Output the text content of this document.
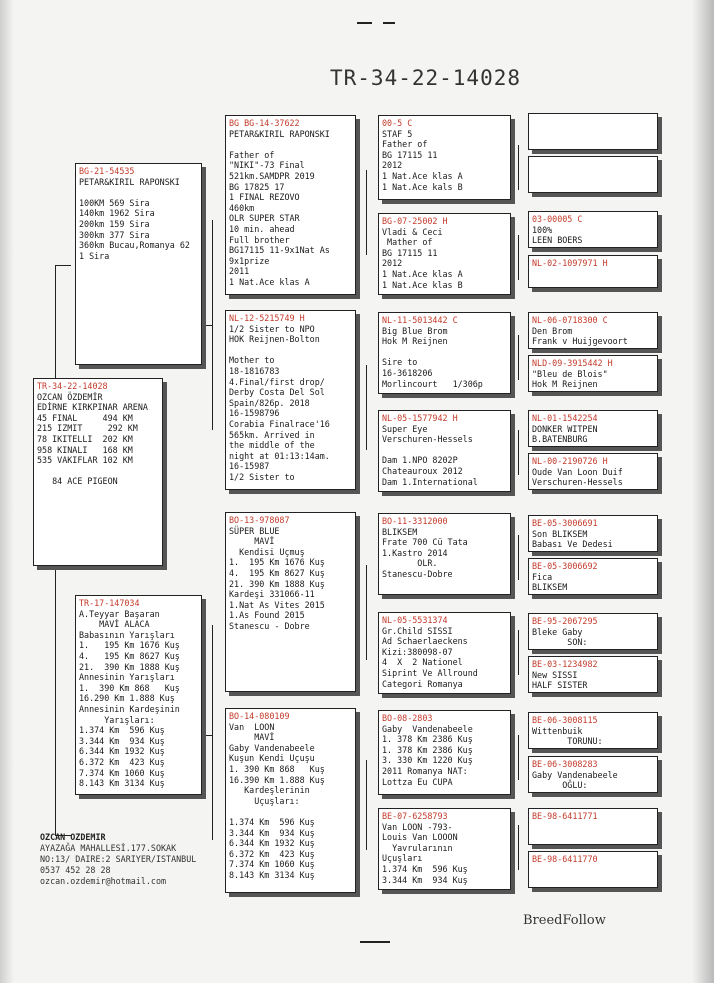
TR-34-22-14028
TR-34-22-14028
OZCAN ÖZDEMİR
EDİRNE KIRKPINAR ARENA
45 FINAL     494 KM
215 IZMIT     292 KM
78 IKITELLI  202 KM
958 KINALI   168 KM
535 VAKIFLAR 102 KM

84 ACE PIGEON
BG-21-54535
PETAR&KIRIL RAPONSKI

100KM 569 Sira
140km 1962 Sira
200km 159 Sira
300km 377 Sira
360km Bucau,Romanya 62
1 Sira
TR-17-147034
A.Teyyar Başaran
MAVİ ALACA
Babasının Yarışları
1.   195 Km 1676 Kuş
4.   195 Km 8627 Kuş
21.  390 Km 1888 Kuş
Annesinin Yarışları
1.  390 Km 868   Kuş
16.290 Km 1.888 Kuş
Annesinin Kardeşinin
Yarışları:
1.374 Km  596 Kuş
3.344 Km  934 Kuş
6.344 Km 1932 Kuş
6.372 Km  423 Kuş
7.374 Km 1060 Kuş
8.143 Km 3134 Kuş
BG BG-14-37622
PETAR&KIRIL RAPONSKI

Father of
"NIKI"-73 Final
521km.SAMDPR 2019
BG 17825 17
1 FINAL REZOVO
460km
OLR SUPER STAR
10 min. ahead
Full brother
BG17115 11-9x1Nat As
9x1prize
2011
1 Nat.Ace klas A
NL-12-5215749 H
1/2 Sister to NPO
HOK Reijnen-Bolton

Mother to
18-1816783
4.Final/first drop/
Derby Costa Del Sol
Spain/826p. 2018
16-1598796
Corabia Finalrace'16
565km. Arrived in
the middle of the
night at 01:13:14am.
16-15987
1/2 Sister to
BO-13-978087
SÜPER BLUE
MAVİ
Kendisi Uçmuş
1.  195 Km 1676 Kuş
4.  195 Km 8627 Kuş
21. 390 Km 1888 Kuş
Kardeşi 331066-11
1.Nat As Vites 2015
1.As Found 2015
Stanescu - Dobre
BO-14-080109
Van  LOON
MAVİ
Gaby Vandenabeele
Kuşun Kendi Uçuşu
1. 390 Km 868   Kuş
16.390 Km 1.888 Kuş
Kardeşlerinin
Uçuşları:

1.374 Km  596 Kuş
3.344 Km  934 Kuş
6.344 Km 1932 Kuş
6.372 Km  423 Kuş
7.374 Km 1060 Kuş
8.143 Km 3134 Kuş
00-5 C
STAF 5
Father of
BG 17115 11
2012
1 Nat.Ace klas A
1 Nat.Ace kals B
BG-07-25002 H
Vladi & Ceci
Mather of
BG 17115 11
2012
1 Nat.Ace klas A
1 Nat.Ace klas B
NL-11-5013442 C
Big Blue Brom
Hok M Reijnen

Sire to
16-3618206
Morlincourt   1/306p
NL-05-1577942 H
Super Eye
Verschuren-Hessels

Dam 1.NPO 8202P
Chateauroux 2012
Dam 1.International
BO-11-3312000
BLIKSEM
Frate 700 Cü Tata
1.Kastro 2014
OLR.
Stanescu-Dobre
NL-05-5531374
Gr.Child SISSI
Ad Schaerlaeckens
Kizi:380098-07
4  X  2 Nationel
Siprint Ve Allround
Categori Romanya
BO-08-2803
Gaby  Vandenabeele
1. 378 Km 2386 Kuş
1. 378 Km 2386 Kuş
3. 330 Km 1220 Kuş
2011 Romanya NAT:
Lottza Eu CUPA
BE-07-6258793
Van LOON -793-
Louis Van LOOON
Yavrularının
Uçuşları
1.374 Km  596 Kuş
3.344 Km  934 Kuş
03-00005 C
100%
LEEN BOERS
NL-02-1097971 H
NL-06-0718300 C
Den Brom
Frank v Huijgevoort
NLD-09-3915442 H
"Bleu de Blois"
Hok M Reijnen
NL-01-1542254
DONKER WITPEN
B.BATENBURG
NL-00-2190726 H
Oude Van Loon Duif
Verschuren-Hessels
BE-05-3006691
Son BLIKSEM
Babası Ve Dedesi
BE-05-3006692
Fica
BLIKSEM
BE-95-2067295
Bleke Gaby
SON:
BE-03-1234982
New SISSI
HALF SISTER
BE-06-3008115
Wittenbuik
TORUNU:
BE-06-3008283
Gaby Vandenabeele
OĞLU:
BE-98-6411771
BE-98-6411770
OZCAN OZDEMIR
AYAZAĞA MAHALLESİ.177.SOKAK
NO:13/ DAIRE:2 SARIYER/ISTANBUL
0537 452 28 28
ozcan.ozdemir@hotmail.com
BreedFollow
